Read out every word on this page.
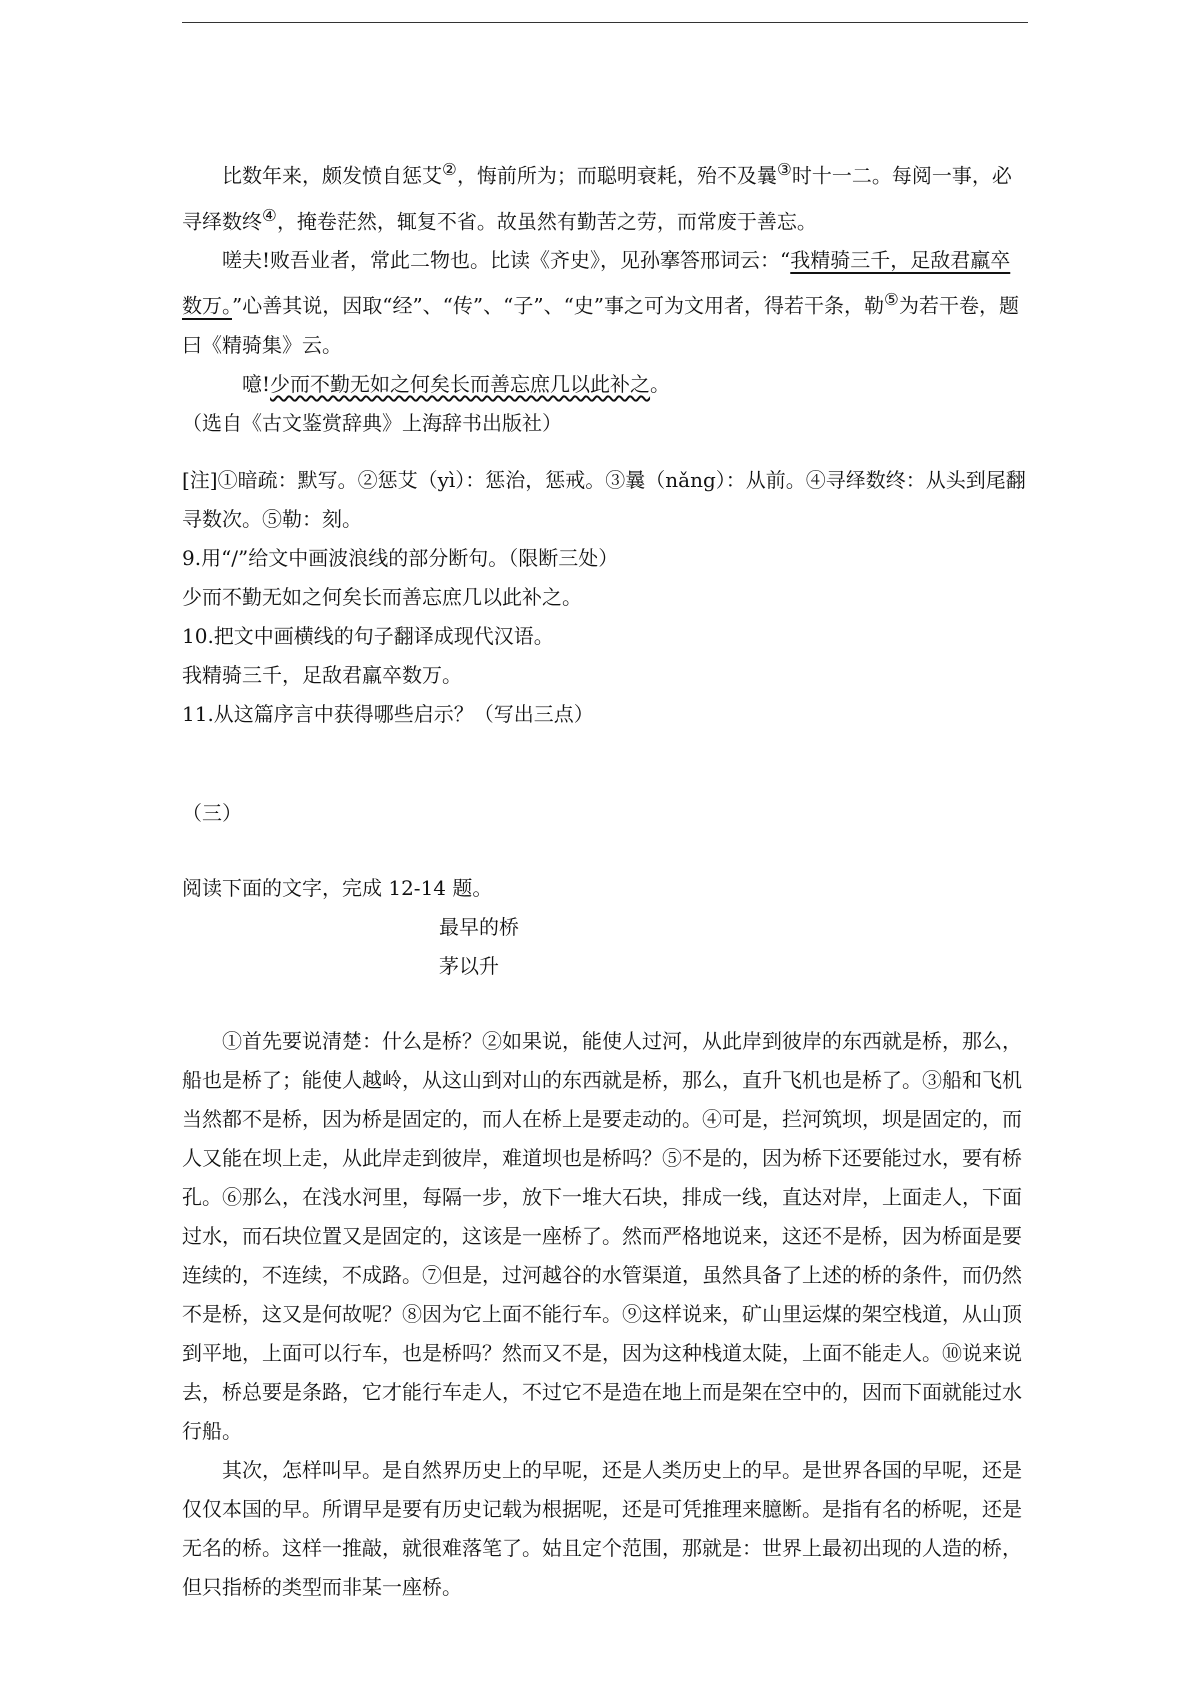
比数年来，颇发愤自惩艾②，悔前所为；而聪明衰耗，殆不及曩③时十一二。每阅一事，必寻绎数终④，掩卷茫然，辄复不省。故虽然有勤苦之劳，而常废于善忘。

嗟夫!败吾业者，常此二物也。比读《齐史》，见孙搴答邢词云：“我精骑三千，足敌君羸卒数万。”心善其说，因取“经”、“传”、“子”、“史”事之可为文用者，得若干条，勒⑤为若干卷，题曰《精骑集》云。

噫!少而不勤无如之何矣长而善忘庶几以此补之。

（选自《古文鉴赏辞典》上海辞书出版社）

[注]①暗疏：默写。②惩艾（yì）：惩治，惩戒。③曩（nǎng）：从前。④寻绎数终：从头到尾翻寻数次。⑤勒：刻。

9.用“/”给文中画波浪线的部分断句。（限断三处）

少而不勤无如之何矣长而善忘庶几以此补之。

10.把文中画横线的句子翻译成现代汉语。

我精骑三千，足敌君羸卒数万。

11.从这篇序言中获得哪些启示？（写出三点）

（三）

阅读下面的文字，完成 12-14 题。

最早的桥

茅以升

①首先要说清楚：什么是桥？②如果说，能使人过河，从此岸到彼岸的东西就是桥，那么，船也是桥了；能使人越岭，从这山到对山的东西就是桥，那么，直升飞机也是桥了。③船和飞机当然都不是桥，因为桥是固定的，而人在桥上是要走动的。④可是，拦河筑坝，坝是固定的，而人又能在坝上走，从此岸走到彼岸，难道坝也是桥吗？⑤不是的，因为桥下还要能过水，要有桥孔。⑥那么，在浅水河里，每隔一步，放下一堆大石块，排成一线，直达对岸，上面走人，下面过水，而石块位置又是固定的，这该是一座桥了。然而严格地说来，这还不是桥，因为桥面是要连续的，不连续，不成路。⑦但是，过河越谷的水管渠道，虽然具备了上述的桥的条件，而仍然不是桥，这又是何故呢？⑧因为它上面不能行车。⑨这样说来，矿山里运煤的架空栈道，从山顶到平地，上面可以行车，也是桥吗？然而又不是，因为这种栈道太陡，上面不能走人。⑩说来说去，桥总要是条路，它才能行车走人，不过它不是造在地上而是架在空中的，因而下面就能过水行船。

其次，怎样叫早。是自然界历史上的早呢，还是人类历史上的早。是世界各国的早呢，还是仅仅本国的早。所谓早是要有历史记载为根据呢，还是可凭推理来臆断。是指有名的桥呢，还是无名的桥。这样一推敲，就很难落笔了。姑且定个范围，那就是：世界上最初出现的人造的桥，但只指桥的类型而非某一座桥。
